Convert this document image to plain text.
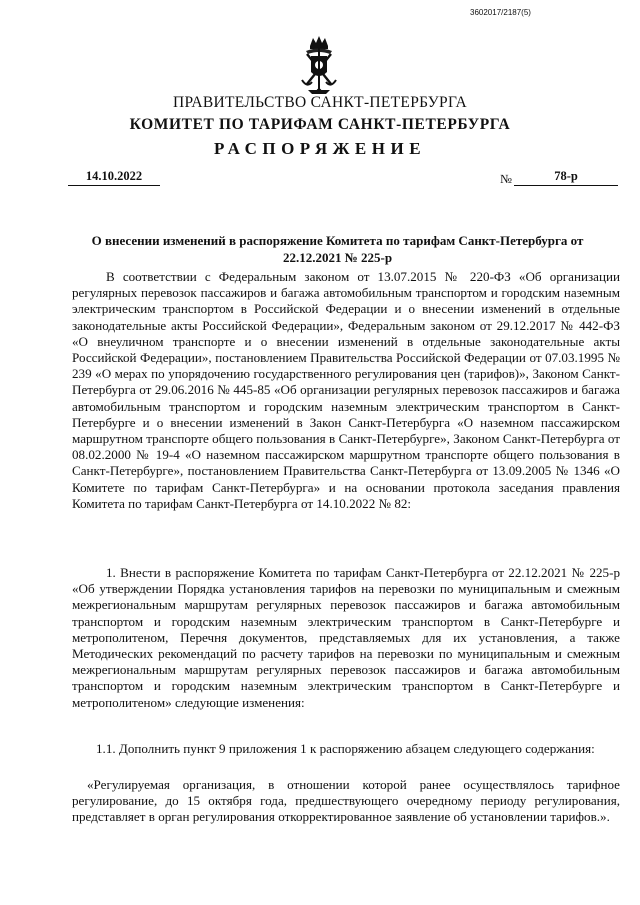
3602017/2187(5)
ПРАВИТЕЛЬСТВО САНКТ-ПЕТЕРБУРГА
КОМИТЕТ ПО ТАРИФАМ САНКТ-ПЕТЕРБУРГА
РАСПОРЯЖЕНИЕ
14.10.2022	№	78-р
О внесении изменений в распоряжение Комитета по тарифам Санкт-Петербурга от 22.12.2021 № 225-р
В соответствии с Федеральным законом от 13.07.2015 № 220-ФЗ «Об организации регулярных перевозок пассажиров и багажа автомобильным транспортом и городским наземным электрическим транспортом в Российской Федерации и о внесении изменений в отдельные законодательные акты Российской Федерации», Федеральным законом от 29.12.2017 № 442-ФЗ «О внеуличном транспорте и о внесении изменений в отдельные законодательные акты Российской Федерации», постановлением Правительства Российской Федерации от 07.03.1995 № 239 «О мерах по упорядочению государственного регулирования цен (тарифов)», Законом Санкт-Петербурга от 29.06.2016 № 445-85 «Об организации регулярных перевозок пассажиров и багажа автомобильным транспортом и городским наземным электрическим транспортом в Санкт-Петербурге и о внесении изменений в Закон Санкт-Петербурга «О наземном пассажирском маршрутном транспорте общего пользования в Санкт-Петербурге», Законом Санкт-Петербурга от 08.02.2000 № 19-4 «О наземном пассажирском маршрутном транспорте общего пользования в Санкт-Петербурге», постановлением Правительства Санкт-Петербурга от 13.09.2005 № 1346 «О Комитете по тарифам Санкт-Петербурга» и на основании протокола заседания правления Комитета по тарифам Санкт-Петербурга от 14.10.2022 № 82:
1. Внести в распоряжение Комитета по тарифам Санкт-Петербурга от 22.12.2021 № 225-р «Об утверждении Порядка установления тарифов на перевозки по муниципальным и смежным межрегиональным маршрутам регулярных перевозок пассажиров и багажа автомобильным транспортом и городским наземным электрическим транспортом в Санкт-Петербурге и метрополитеном, Перечня документов, представляемых для их установления, а также Методических рекомендаций по расчету тарифов на перевозки по муниципальным и смежным межрегиональным маршрутам регулярных перевозок пассажиров и багажа автомобильным транспортом и городским наземным электрическим транспортом в Санкт-Петербурге и метрополитеном» следующие изменения:
1.1. Дополнить пункт 9 приложения 1 к распоряжению абзацем следующего содержания:
«Регулируемая организация, в отношении которой ранее осуществлялось тарифное регулирование, до 15 октября года, предшествующего очередному периоду регулирования, представляет в орган регулирования откорректированное заявление об установлении тарифов.».
